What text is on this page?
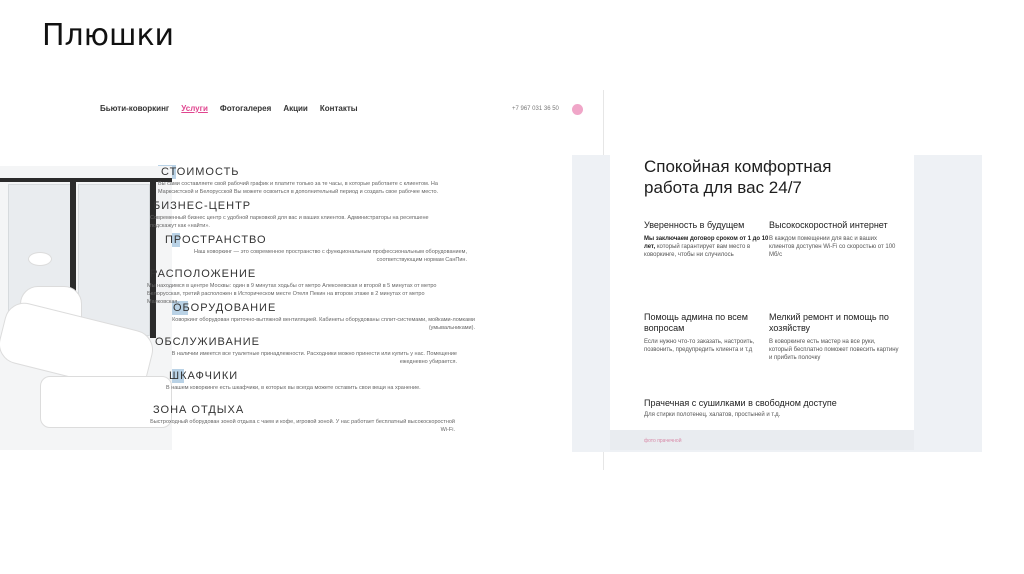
Плюшки
Бьюти-коворкинг Услуги Фотогалерея Акции Контакты	+7 967 031 36 50
СТОИМОСТЬ
Вы сами составляете свой рабочий график и платите только за те часы, в которые работаете с клиентом. На Марксистской и Белорусской Вы можете освоиться в дополнительный период и создать свое рабочее место.
БИЗНЕС-ЦЕНТР
Современный бизнес центр с удобной парковкой для вас и ваших клиентов. Администраторы на ресепшене подскажут как «найти».
ПРОСТРАНСТВО
Наш коворкинг — это современное пространство с функциональным профессиональным оборудованием, соответствующим нормам СанПин.
РАСПОЛОЖЕНИЕ
Мы находимся в центре Москвы: один в 9 минутах ходьбы от метро Алексеевская и второй в 5 минутах от метро Белорусская, третий расположен в Историческом месте Отеля Пекин на втором этаже в 2 минутах от метро Маяковская.
ОБОРУДОВАНИЕ
Коворкинг оборудован приточно-вытяжной вентиляцией. Кабинеты оборудованы сплит-системами, мойками-ломками (умывальниками).
ОБСЛУЖИВАНИЕ
В наличии имеется все туалетные принадлежности. Расходники можно принести или купить у нас. Помещение ежедневно убирается.
ШКАФЧИКИ
В нашем коворкинге есть шкафчики, в которых вы всегда можете оставить свои вещи на хранение.
ЗОНА ОТДЫХА
Быстроходный оборудован зоной отдыха с чаем и кофе, игровой зоной. У нас работает бесплатный высокоскоростной Wi-Fi.
Спокойная комфортная работа для вас 24/7
Уверенность в будущем
Мы заключаем договор сроком от 1 до 10 лет, который гарантирует вам место в коворкинге, чтобы ни случилось
Высокоскоростной интернет
В каждом помещении для вас и ваших клиентов доступен Wi-Fi со скоростью от 100 Мб/с
Помощь админа по всем вопросам
Если нужно что-то заказать, настроить, позвонить, предупредить клиента и т.д
Мелкий ремонт и помощь по хозяйству
В коворкинге есть мастер на все руки, который бесплатно поможет повесить картину и прибить полочку
Прачечная с сушилками в свободном доступе
Для стирки полотенец, халатов, простыней и т.д.
фото прачечной
